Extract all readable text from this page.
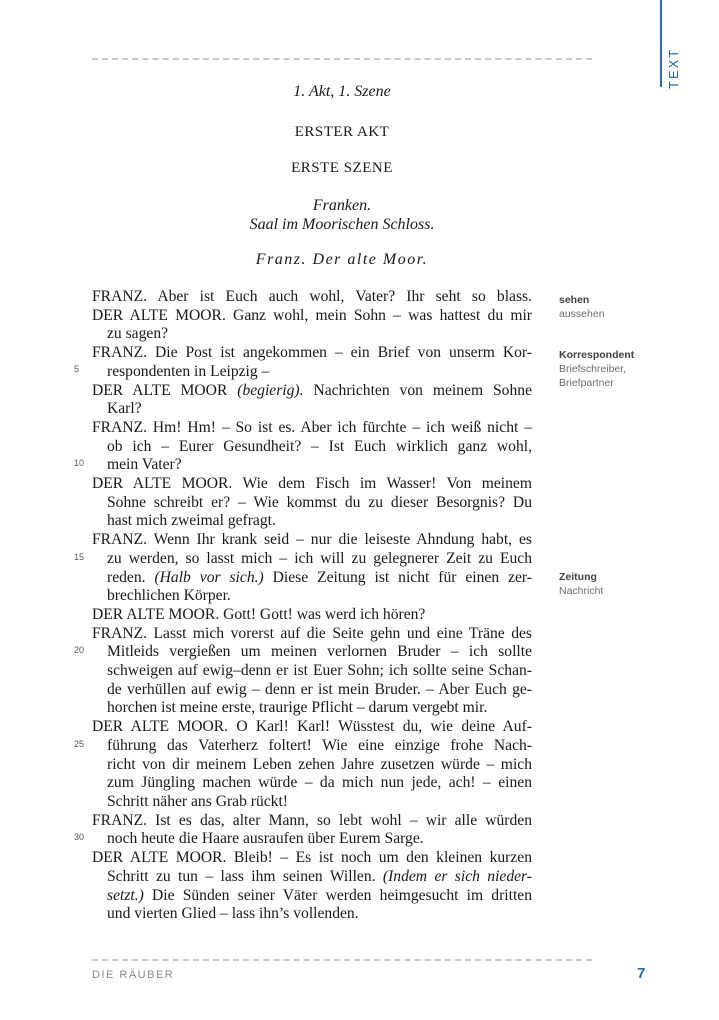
TEXT
1. Akt, 1. Szene
ERSTER AKT
ERSTE SZENE
Franken.
Saal im Moorischen Schloss.
Franz. Der alte Moor.
FRANZ. Aber ist Euch auch wohl, Vater? Ihr seht so blass.
DER ALTE MOOR. Ganz wohl, mein Sohn – was hattest du mir
zu sagen?
FRANZ. Die Post ist angekommen – ein Brief von unserm Kor-
respondenten in Leipzig –
DER ALTE MOOR (begierig). Nachrichten von meinem Sohne
Karl?
FRANZ. Hm! Hm! – So ist es. Aber ich fürchte – ich weiß nicht –
ob ich – Eurer Gesundheit? – Ist Euch wirklich ganz wohl,
mein Vater?
DER ALTE MOOR. Wie dem Fisch im Wasser! Von meinem
Sohne schreibt er? – Wie kommst du zu dieser Besorgnis? Du
hast mich zweimal gefragt.
FRANZ. Wenn Ihr krank seid – nur die leiseste Ahndung habt, es
zu werden, so lasst mich – ich will zu gelegnerer Zeit zu Euch
reden. (Halb vor sich.) Diese Zeitung ist nicht für einen zer-
brechlichen Körper.
DER ALTE MOOR. Gott! Gott! was werd ich hören?
FRANZ. Lasst mich vorerst auf die Seite gehn und eine Träne des
Mitleids vergießen um meinen verlornen Bruder – ich sollte
schweigen auf ewig–denn er ist Euer Sohn; ich sollte seine Schan-
de verhüllen auf ewig – denn er ist mein Bruder. – Aber Euch ge-
horchen ist meine erste, traurige Pflicht – darum vergebt mir.
DER ALTE MOOR. O Karl! Karl! Wüsstest du, wie deine Auf-
führung das Vaterherz foltert! Wie eine einzige frohe Nach-
richt von dir meinem Leben zehen Jahre zusetzen würde – mich
zum Jüngling machen würde – da mich nun jede, ach! – einen
Schritt näher ans Grab rückt!
FRANZ. Ist es das, alter Mann, so lebt wohl – wir alle würden
noch heute die Haare ausraufen über Eurem Sarge.
DER ALTE MOOR. Bleib! – Es ist noch um den kleinen kurzen
Schritt zu tun – lass ihm seinen Willen. (Indem er sich nieder-
setzt.) Die Sünden seiner Väter werden heimgesucht im dritten
und vierten Glied – lass ihn’s vollenden.
5
10
15
20
25
30
sehen
aussehen
Korrespondent
Briefschreiber, Briefpartner
Zeitung
Nachricht
DIE RÄUBER	7
